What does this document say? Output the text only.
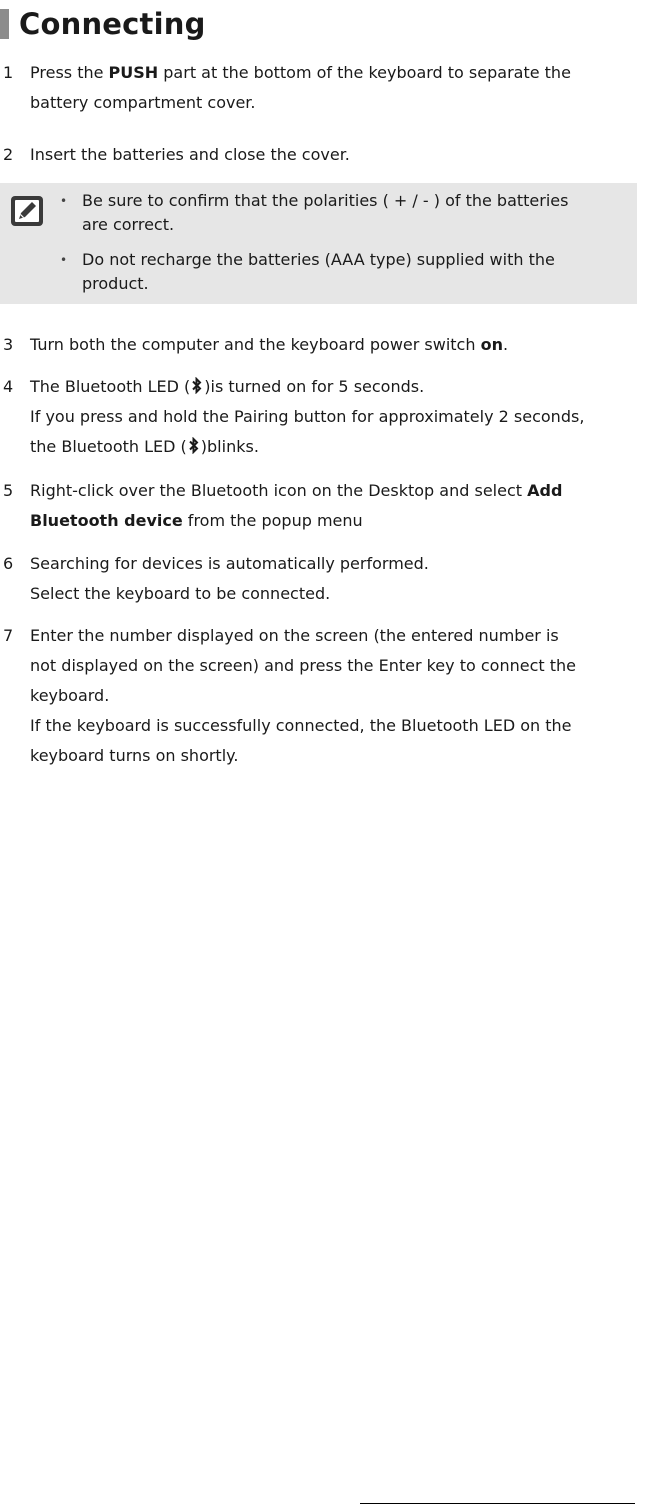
Connecting
1	Press the PUSH part at the bottom of the keyboard to separate the
battery compartment cover.
2	Insert the batteries and close the cover.
• Be sure to confirm that the polarities ( + / - ) of the batteries
are correct.
• Do not recharge the batteries (AAA type) supplied with the
product.
3	Turn both the computer and the keyboard power switch on.
4	The Bluetooth LED ( )is turned on for 5 seconds.
If you press and hold the Pairing button for approximately 2 seconds,
the Bluetooth LED ( )blinks.
5	Right-click over the Bluetooth icon on the Desktop and select Add
Bluetooth device from the popup menu
6	Searching for devices is automatically performed.
Select the keyboard to be connected.
7	Enter the number displayed on the screen (the entered number is
not displayed on the screen) and press the Enter key to connect the
keyboard.
If the keyboard is successfully connected, the Bluetooth LED on the
keyboard turns on shortly.
